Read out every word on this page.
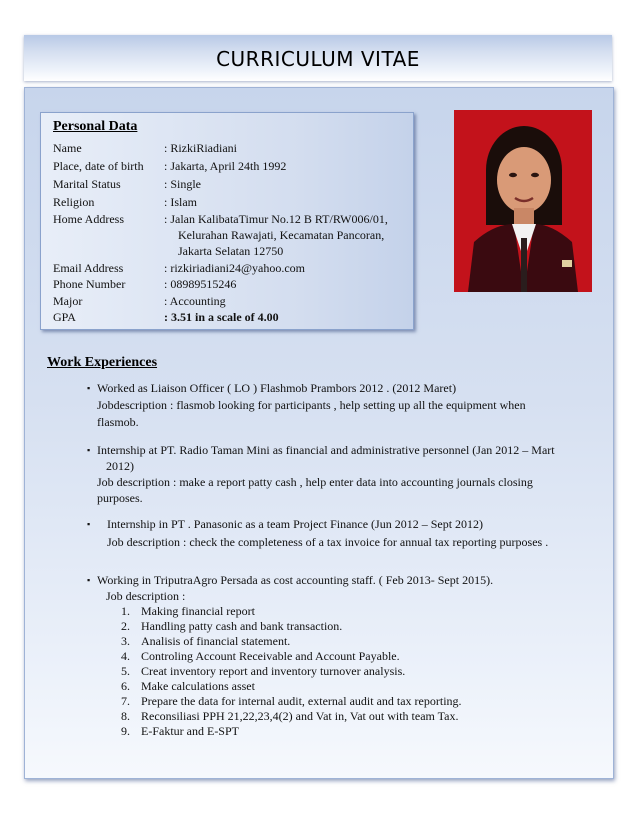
CURRICULUM VITAE
Personal Data
Name	: RizkiRiadiani
Place, date of birth : Jakarta, April 24th 1992
Marital Status	: Single
Religion	: Islam
Home Address	: Jalan KalibataTimur No.12 B RT/RW006/01,
Kelurahan Rawajati, Kecamatan Pancoran,
Jakarta Selatan 12750
Email Address	: rizkiriadiani24@yahoo.com
Phone Number	: 08989515246
Major	: Accounting
GPA	: 3.51 in a scale of 4.00
Work Experiences
▪ Worked as Liaison Officer ( LO ) Flashmob Prambors 2012 . (2012 Maret)
Jobdescription : flasmob looking for participants , help setting up all the equipment when
flasmob.
▪ Internship at PT. Radio Taman Mini as financial and administrative personnel (Jan 2012 – Mart
2012)
Job description : make a report patty cash , help enter data into accounting journals closing
purposes.
▪ Internship in PT . Panasonic as a team Project Finance (Jun 2012 – Sept 2012)
Job description : check the completeness of a tax invoice for annual tax reporting purposes .
▪ Working in TriputraAgro Persada as cost accounting staff. ( Feb 2013- Sept 2015).
Job description :
1. Making financial report
2. Handling patty cash and bank transaction.
3. Analisis of financial statement.
4. Controling Account Receivable and Account Payable.
5. Creat inventory report and inventory turnover analysis.
6. Make calculations asset
7. Prepare the data for internal audit, external audit and tax reporting.
8. Reconsiliasi PPH 21,22,23,4(2) and Vat in, Vat out with team Tax.
9. E-Faktur and E-SPT
